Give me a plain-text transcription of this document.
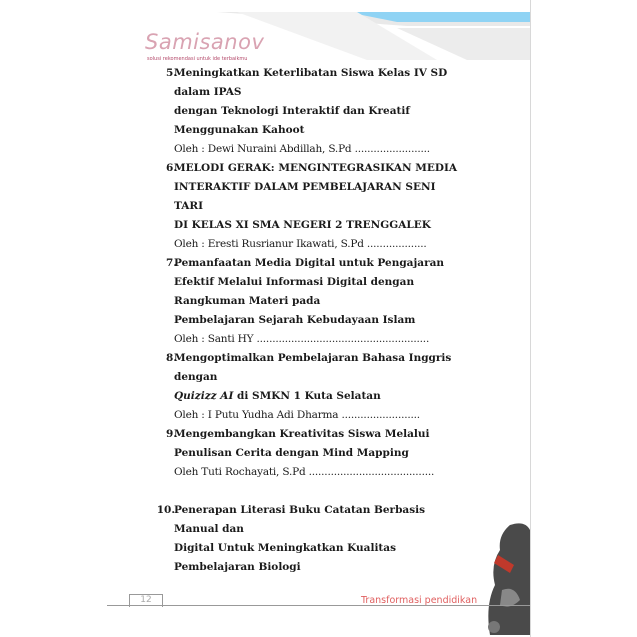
Samisanov
solusi rekomendasi untuk ide terbaikmu
5.
Meningkatkan Keterlibatan Siswa Kelas IV SD
dalam IPAS
dengan Teknologi Interaktif dan Kreatif
Menggunakan Kahoot
Oleh : Dewi Nuraini Abdillah, S.Pd ........................
6.
MELODI GERAK: MENGINTEGRASIKAN MEDIA
INTERAKTIF DALAM PEMBELAJARAN SENI
TARI
DI KELAS XI SMA NEGERI 2 TRENGGALEK
Oleh : Eresti Rusrianur Ikawati, S.Pd ...................
7.
Pemanfaatan Media Digital untuk Pengajaran
Efektif Melalui Informasi Digital dengan
Rangkuman Materi pada
Pembelajaran Sejarah Kebudayaan Islam
Oleh : Santi HY .......................................................
8.
Mengoptimalkan Pembelajaran Bahasa Inggris
dengan
Quizizz AI di SMKN 1 Kuta Selatan
Oleh : I Putu Yudha Adi Dharma .........................
9.
Mengembangkan Kreativitas Siswa Melalui
Penulisan Cerita dengan Mind Mapping
Oleh Tuti Rochayati, S.Pd ........................................
10. Penerapan Literasi Buku Catatan Berbasis
Manual dan
Digital Untuk Meningkatkan Kualitas
Pembelajaran Biologi
12	Transformasi pendidikan
